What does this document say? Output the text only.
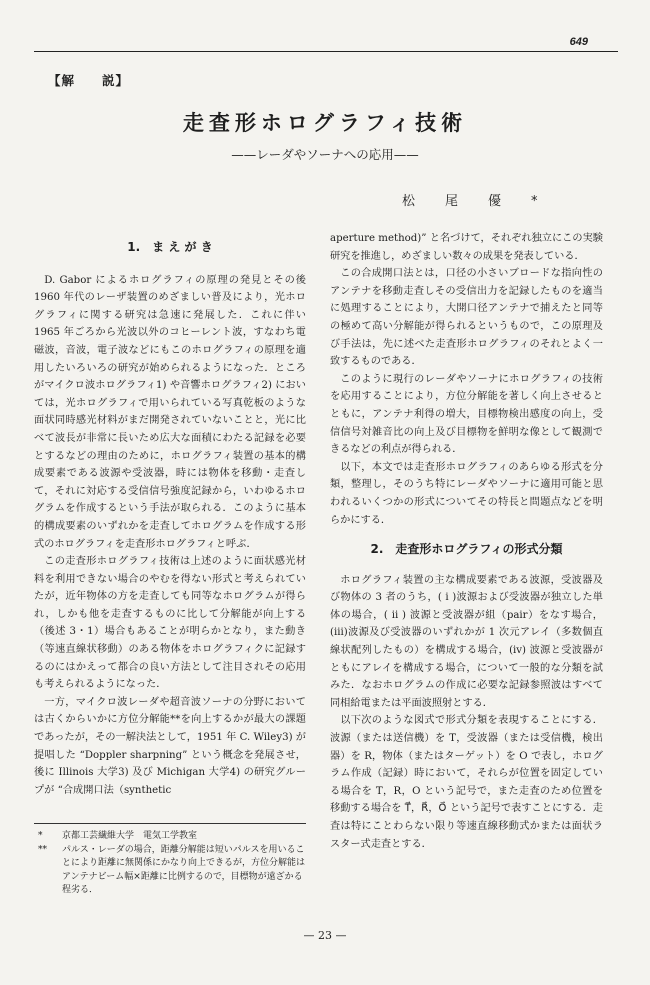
649
【解　　説】
走査形ホログラフィ技術
——レーダやソーナへの応用——
松尾優*
1.　ま え が き

D. Gabor によるホログラフィの原理の発見とその後 1960 年代のレーザ装置のめざましい普及により，光ホログラフィに関する研究は急速に発展した．これに伴い 1965 年ごろから光波以外のコヒーレント波，すなわち電磁波，音波，電子波などにもこのホログラフィの原理を適用したいろいろの研究が始められるようになった．ところがマイクロ波ホログラフィ1) や音響ホログラフィ2) においては，光ホログラフィで用いられている写真乾板のような面状同時感光材料がまだ開発されていないことと，光に比べて波長が非常に長いため広大な面積にわたる記録を必要とするなどの理由のために，ホログラフィ装置の基本的構成要素である波源や受波器，時には物体を移動・走査して，それに対応する受信信号強度記録から，いわゆるホログラムを作成するという手法が取られる．このように基本的構成要素のいずれかを走査してホログラムを作成する形式のホログラフィを走査形ホログラフィと呼ぶ．

この走査形ホログラフィ技術は上述のように面状感光材料を利用できない場合のやむを得ない形式と考えられていたが，近年物体の方を走査しても同等なホログラムが得られ，しかも他を走査するものに比して分解能が向上する（後述 3・1）場合もあることが明らかとなり，また動き（等速直線状移動）のある物体をホログラフィクに記録するのにはかえって都合の良い方法として注目されその応用も考えられるようになった．

一方，マイクロ波レーダや超音波ソーナの分野においては古くからいかに方位分解能**を向上するかが最大の課題であったが，その一解決法として，1951 年 C. Wiley3) が提唱した “Doppler sharpning” という概念を発展させ，後に Illinois 大学3) 及び Michigan 大学4) の研究グループが “合成開口法（synthetic

aperture method)” と名づけて，それぞれ独立にこの実験研究を推進し，めざましい数々の成果を発表している．

この合成開口法とは，口径の小さいブロードな指向性のアンテナを移動走査しその受信出力を記録したものを適当に処理することにより，大開口径アンテナで捕えたと同等の極めて高い分解能が得られるというもので，この原理及び手法は，先に述べた走査形ホログラフィのそれとよく一致するものである．

このように現行のレーダやソーナにホログラフィの技術を応用することにより，方位分解能を著しく向上させるとともに，アンテナ利得の増大，目標物検出感度の向上，受信信号対雑音比の向上及び目標物を鮮明な像として観測できるなどの利点が得られる．

以下，本文では走査形ホログラフィのあらゆる形式を分類，整理し，そのうち特にレーダやソーナに適用可能と思われるいくつかの形式についてその特長と問題点などを明らかにする．

2.　走査形ホログラフィの形式分類

ホログラフィ装置の主な構成要素である波源，受波器及び物体の 3 者のうち，( i )波源および受波器が独立した単体の場合，( ii ) 波源と受波器が組（pair）をなす場合，(iii)波源及び受波器のいずれかが 1 次元アレイ（多数個直線状配列したもの）を構成する場合，(iv) 波源と受波器がともにアレイを構成する場合，について一般的な分類を試みた．なおホログラムの作成に必要な記録参照波はすべて同相給電または平面波照射とする．

以下次のような図式で形式分類を表現することにする．波源（または送信機）を T，受波器（または受信機，検出器）を R，物体（またはターゲット）を O で表し，ホログラム作成（記録）時において，それらが位置を固定している場合を T，R，O という記号で，また走査のため位置を移動する場合を T⃗，R⃗，O⃗ という記号で表すことにする．走査は特にことわらない限り等速直線移動式かまたは面状ラスター式走査とする．

*	京都工芸繊維大学　電気工学教室
**	パルス・レーダの場合，距離分解能は短いパルスを用いることにより距離に無関係にかなり向上できるが，方位分解能はアンテナビーム幅×距離に比例するので，目標物が遠ざかる程劣る．
— 23 —
